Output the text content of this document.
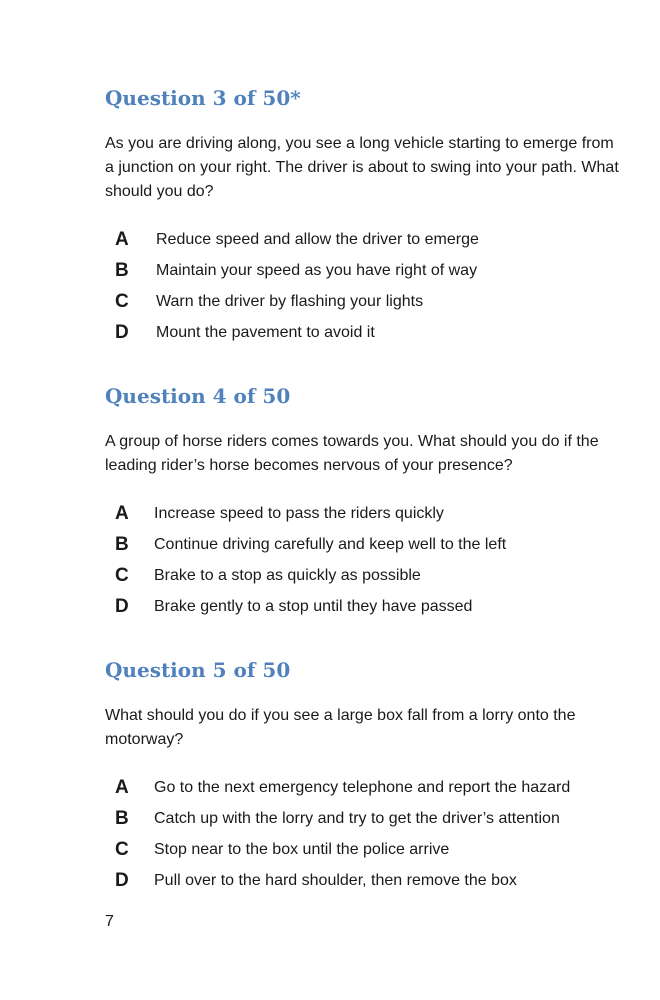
Question 3 of 50*

As you are driving along, you see a long vehicle starting to emerge from a junction on your right. The driver is about to swing into your path. What should you do?

A	Reduce speed and allow the driver to emerge
B	Maintain your speed as you have right of way
C	Warn the driver by flashing your lights
D	Mount the pavement to avoid it
Question 4 of 50

A group of horse riders comes towards you. What should you do if the leading rider’s horse becomes nervous of your presence?

A	Increase speed to pass the riders quickly
B	Continue driving carefully and keep well to the left
C	Brake to a stop as quickly as possible
D	Brake gently to a stop until they have passed
Question 5 of 50

What should you do if you see a large box fall from a lorry onto the motorway?

A	Go to the next emergency telephone and report the hazard
B	Catch up with the lorry and try to get the driver’s attention
C	Stop near to the box until the police arrive
D	Pull over to the hard shoulder, then remove the box
7
